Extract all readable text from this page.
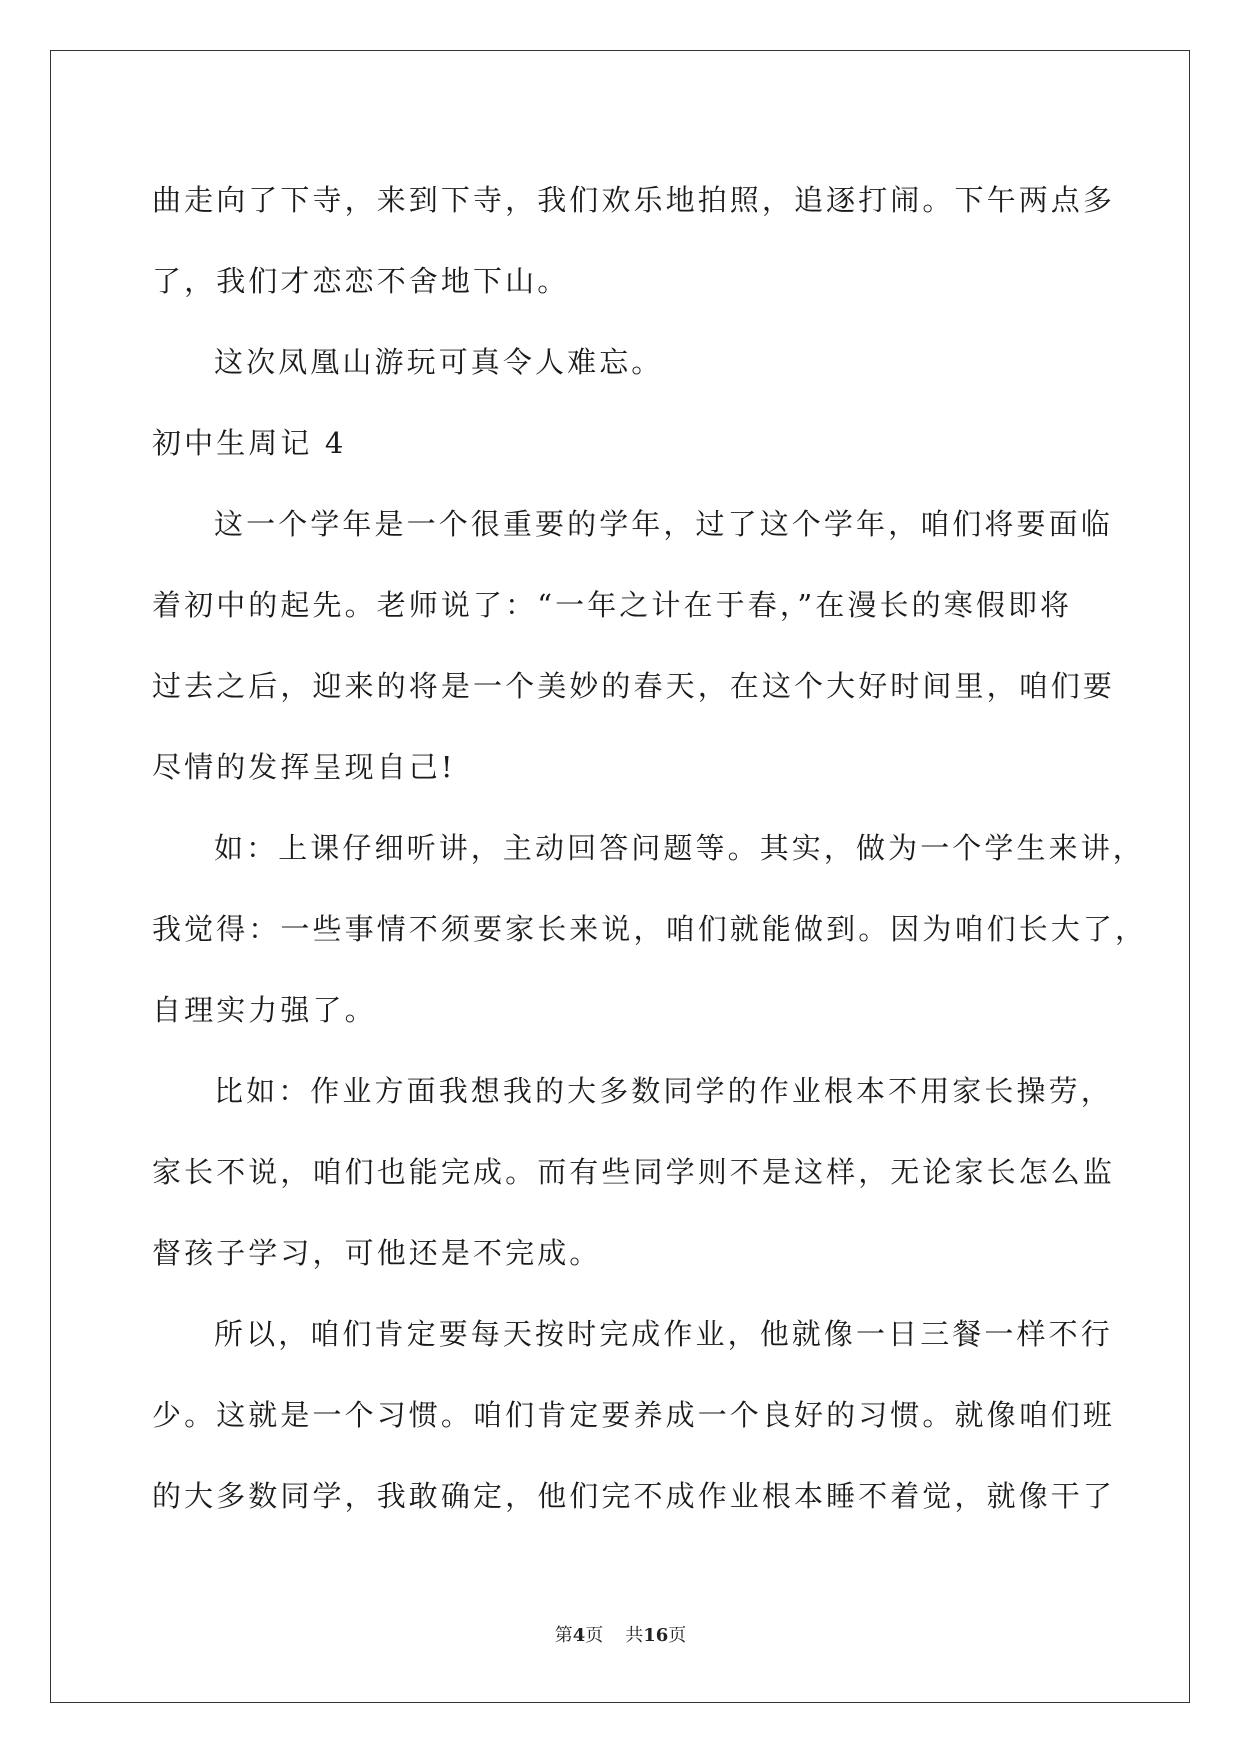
曲走向了下寺，来到下寺，我们欢乐地拍照，追逐打闹。下午两点多
了，我们才恋恋不舍地下山。
这次凤凰山游玩可真令人难忘。
初中生周记 4
这一个学年是一个很重要的学年，过了这个学年，咱们将要面临
着初中的起先。老师说了：“一年之计在于春，”在漫长的寒假即将
过去之后，迎来的将是一个美妙的春天，在这个大好时间里，咱们要
尽情的发挥呈现自己!
如：上课仔细听讲，主动回答问题等。其实，做为一个学生来讲，
我觉得：一些事情不须要家长来说，咱们就能做到。因为咱们长大了，
自理实力强了。
比如：作业方面我想我的大多数同学的作业根本不用家长操劳，
家长不说，咱们也能完成。而有些同学则不是这样，无论家长怎么监
督孩子学习，可他还是不完成。
所以，咱们肯定要每天按时完成作业，他就像一日三餐一样不行
少。这就是一个习惯。咱们肯定要养成一个良好的习惯。就像咱们班
的大多数同学，我敢确定，他们完不成作业根本睡不着觉，就像干了
第4页 共16页
